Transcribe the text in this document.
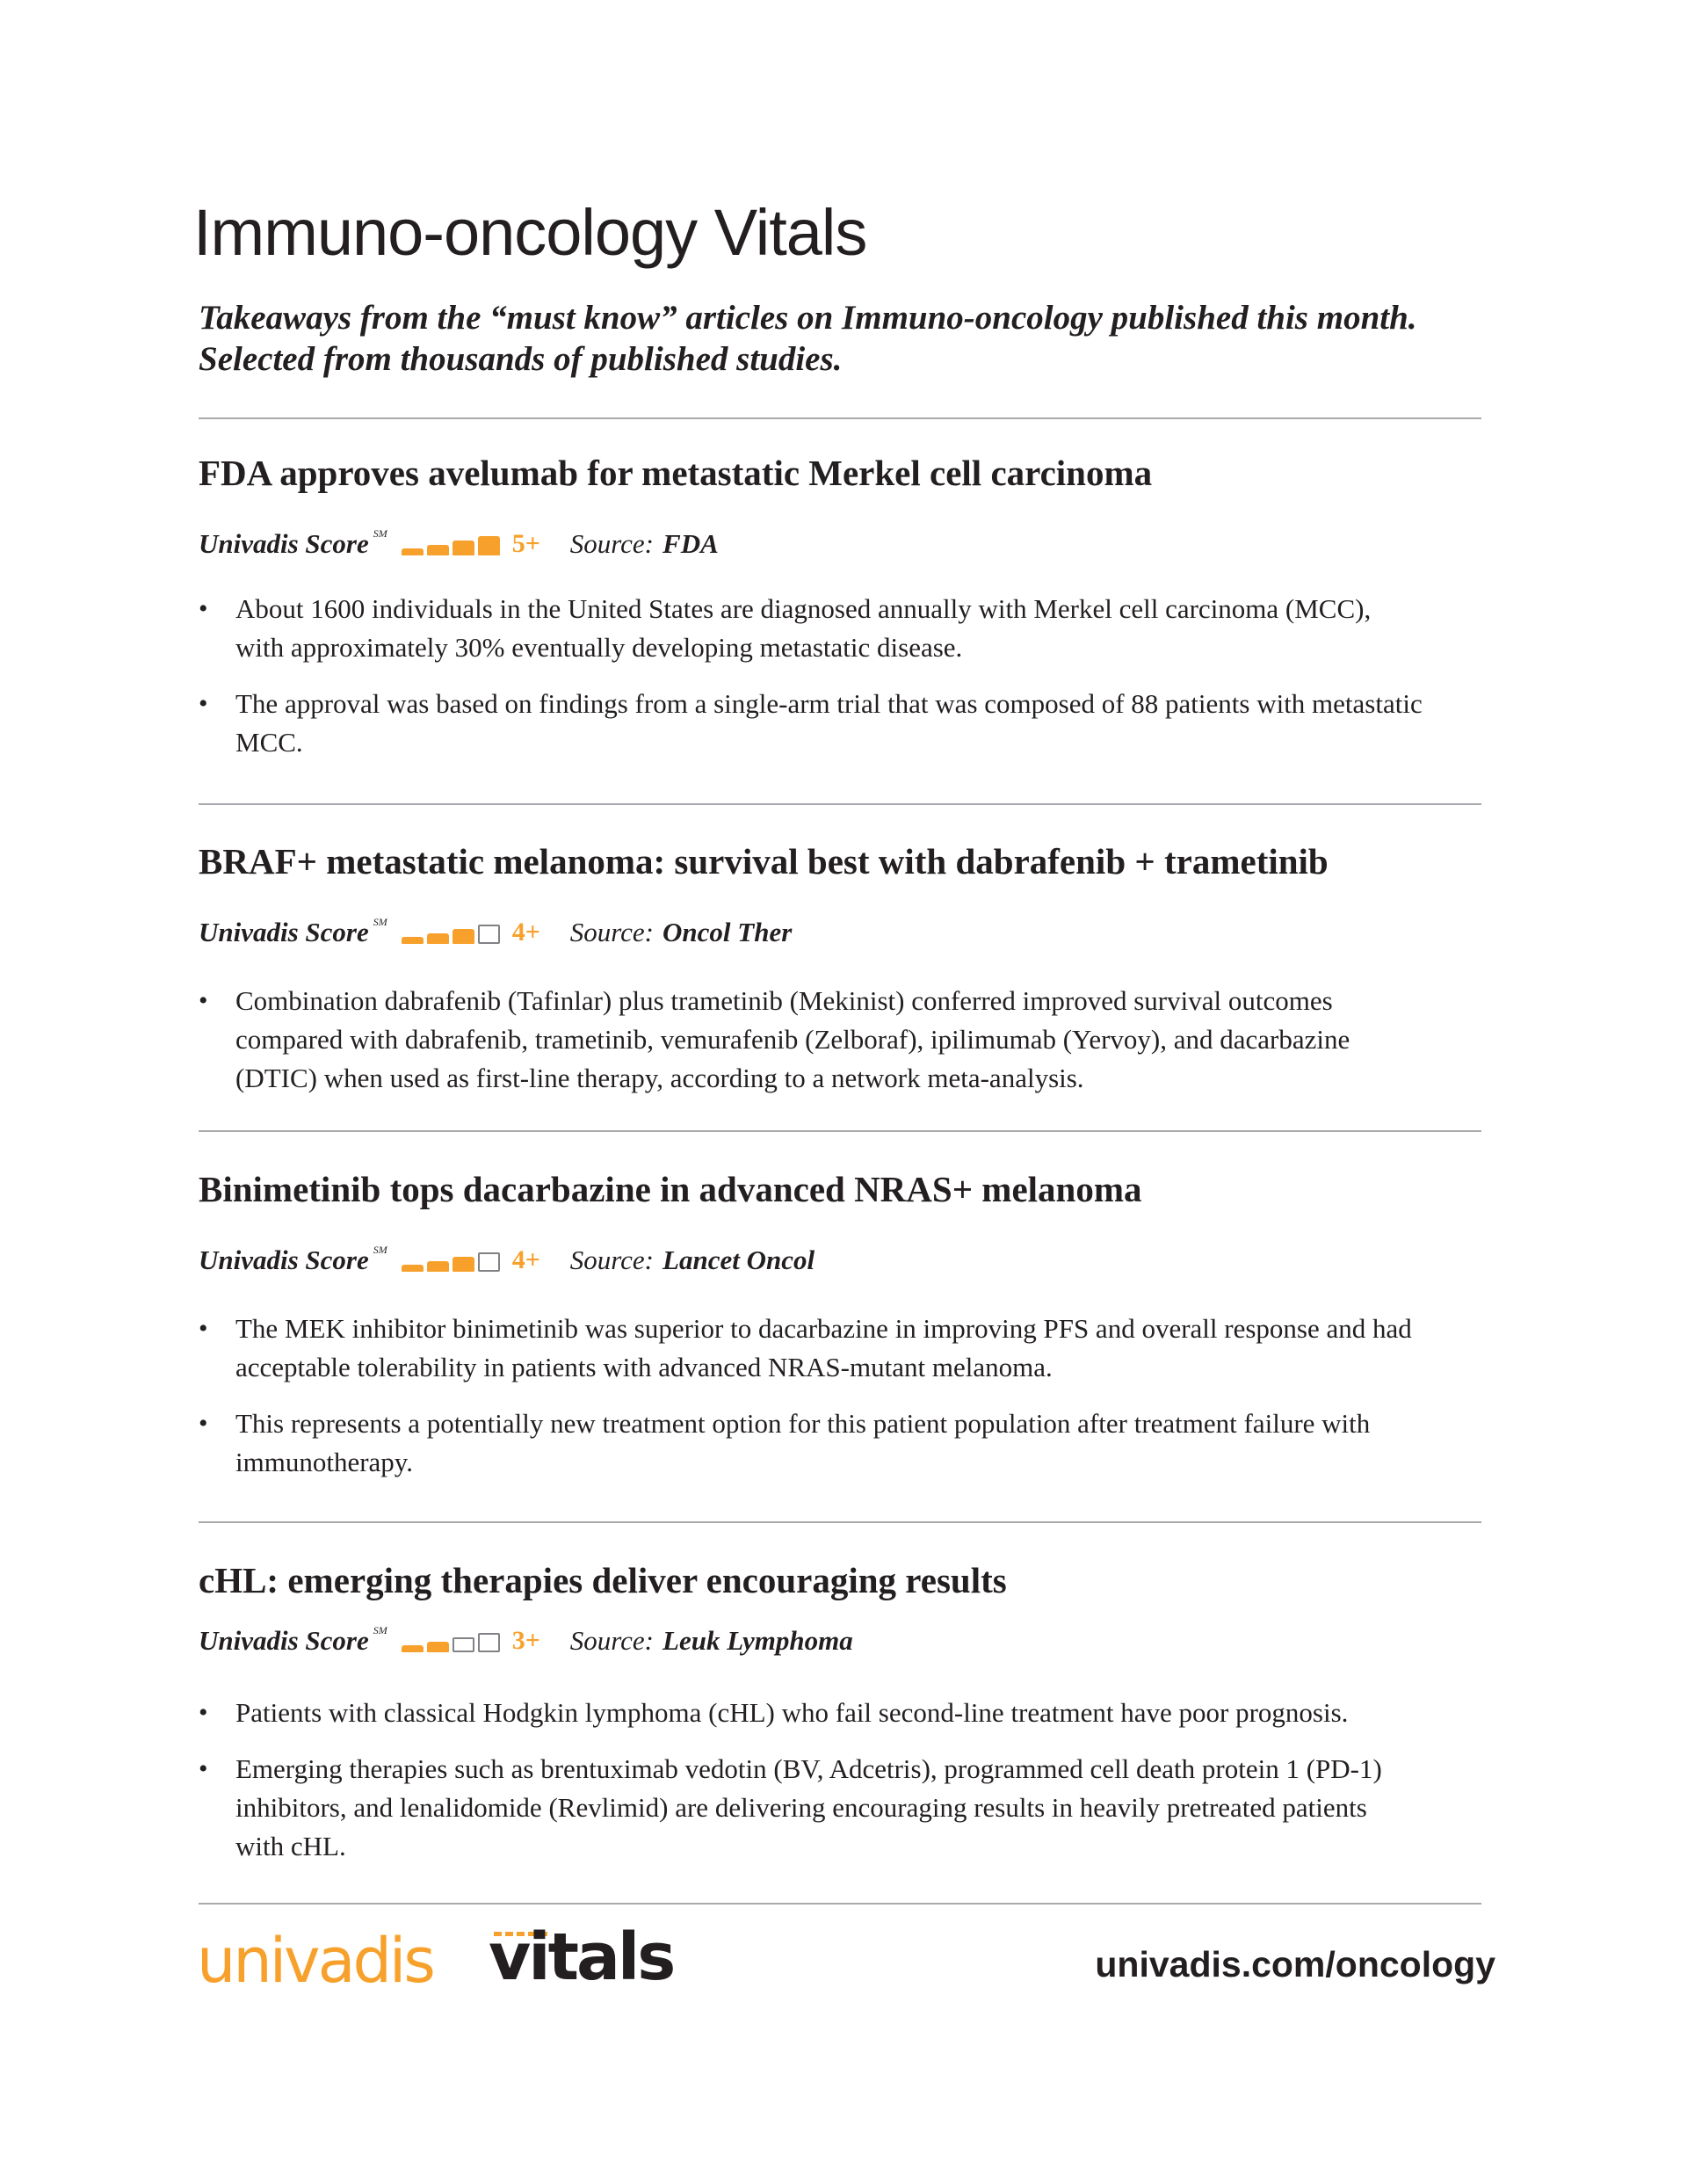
Immuno-oncology Vitals

Takeaways from the “must know” articles on Immuno-oncology published this month. Selected from thousands of published studies.

FDA approves avelumab for metastatic Merkel cell carcinoma
Univadis Score SM	5+	Source: FDA
• About 1600 individuals in the United States are diagnosed annually with Merkel cell carcinoma (MCC), with approximately 30% eventually developing metastatic disease.
• The approval was based on findings from a single-arm trial that was composed of 88 patients with metastatic MCC.
BRAF+ metastatic melanoma: survival best with dabrafenib + trametinib
Univadis Score SM	4+	Source: Oncol Ther
• Combination dabrafenib (Tafinlar) plus trametinib (Mekinist) conferred improved survival outcomes compared with dabrafenib, trametinib, vemurafenib (Zelboraf), ipilimumab (Yervoy), and dacarbazine (DTIC) when used as first-line therapy, according to a network meta-analysis.
Binimetinib tops dacarbazine in advanced NRAS+ melanoma
Univadis Score SM	4+	Source: Lancet Oncol
• The MEK inhibitor binimetinib was superior to dacarbazine in improving PFS and overall response and had acceptable tolerability in patients with advanced NRAS-mutant melanoma.
• This represents a potentially new treatment option for this patient population after treatment failure with immunotherapy.
cHL: emerging therapies deliver encouraging results
Univadis Score SM	3+	Source: Leuk Lymphoma
• Patients with classical Hodgkin lymphoma (cHL) who fail second-line treatment have poor prognosis.
• Emerging therapies such as brentuximab vedotin (BV, Adcetris), programmed cell death protein 1 (PD-1) inhibitors, and lenalidomide (Revlimid) are delivering encouraging results in heavily pretreated patients with cHL.
univadis vitals	univadis.com/oncology
